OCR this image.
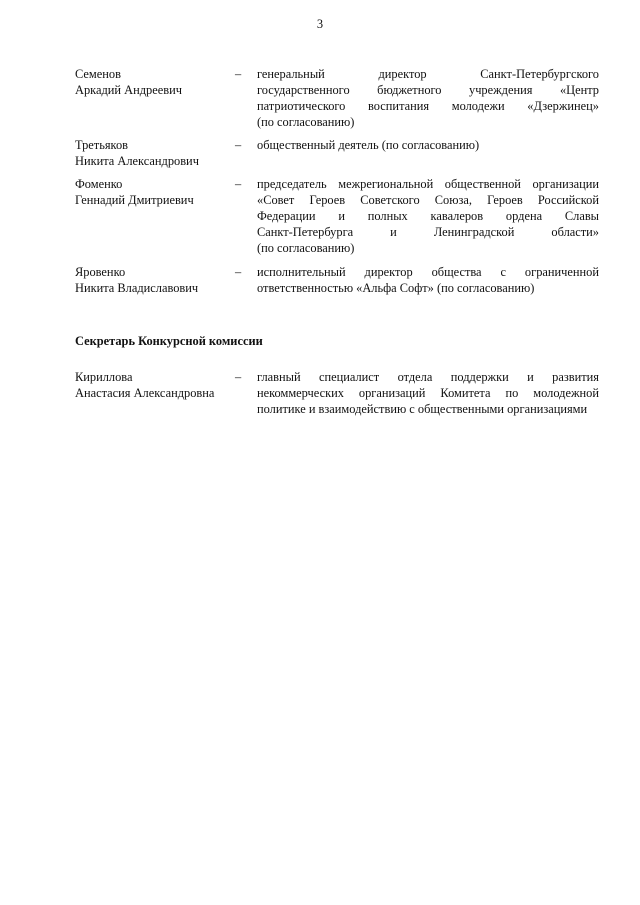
3
Семенов
Аркадий Андреевич
– генеральный директор Санкт-Петербургского
государственного бюджетного учреждения «Центр
патриотического воспитания молодежи «Дзержинец»
(по согласованию)
Третьяков
Никита Александрович
– общественный деятель (по согласованию)
Фоменко
Геннадий Дмитриевич
– председатель межрегиональной общественной организации
«Совет Героев Советского Союза, Героев Российской
Федерации и полных кавалеров ордена Славы
Санкт-Петербурга и Ленинградской области»
(по согласованию)
Яровенко
Никита Владиславович
– исполнительный директор общества с ограниченной
ответственностью «Альфа Софт» (по согласованию)
Секретарь Конкурсной комиссии
Кириллова
Анастасия Александровна
– главный специалист отдела поддержки и развития
некоммерческих организаций Комитета по молодежной
политике и взаимодействию с общественными организациями
